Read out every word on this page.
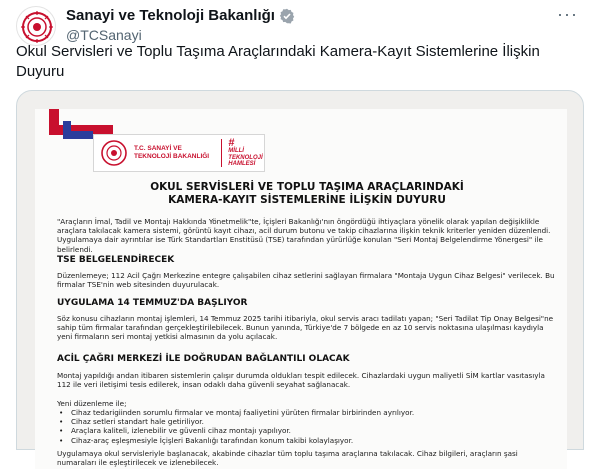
Sanayi ve Teknoloji Bakanlığı
@TCSanayi
···
Okul Servisleri ve Toplu Taşıma Araçlarındaki Kamera-Kayıt Sistemlerine İlişkin Duyuru
T.C. SANAYİ VE TEKNOLOJİ BAKANLIĞI
#
MİLLİ TEKNOLOJİ HAMLESİ
OKUL SERVİSLERİ VE TOPLU TAŞIMA ARAÇLARINDAKİ
KAMERA-KAYIT SİSTEMLERİNE İLİŞKİN DUYURU
"Araçların İmal, Tadil ve Montajı Hakkında Yönetmelik"te, İçişleri Bakanlığı'nın öngördüğü ihtiyaçlara yönelik olarak yapılan değişiklikle araçlara takılacak kamera sistemi, görüntü kayıt cihazı, acil durum butonu ve takip cihazlarına ilişkin teknik kriterler yeniden düzenlendi. Uygulamaya dair ayrıntılar ise Türk Standartları Enstitüsü (TSE) tarafından yürürlüğe konulan "Seri Montaj Belgelendirme Yönergesi" ile belirlendi.
TSE BELGELENDİRECEK
Düzenlemeye; 112 Acil Çağrı Merkezine entegre çalışabilen cihaz setlerini sağlayan firmalara "Montaja Uygun Cihaz Belgesi" verilecek. Bu firmalar TSE'nin web sitesinden duyurulacak.
UYGULAMA 14 TEMMUZ'DA BAŞLIYOR
Söz konusu cihazların montaj işlemleri, 14 Temmuz 2025 tarihi itibariyla, okul servis aracı tadilatı yapan; "Seri Tadilat Tip Onay Belgesi"ne sahip tüm firmalar tarafından gerçekleştirilebilecek. Bunun yanında, Türkiye'de 7 bölgede en az 10 servis noktasına ulaşılması kaydıyla yeni firmaların seri montaj yetkisi almasının da yolu açılacak.
ACİL ÇAĞRI MERKEZİ İLE DOĞRUDAN BAĞLANTILI OLACAK
Montaj yapıldığı andan itibaren sistemlerin çalışır durumda oldukları tespit edilecek. Cihazlardaki uygun maliyetli SİM kartlar vasıtasıyla 112 ile veri iletişimi tesis edilerek, insan odaklı daha güvenli seyahat sağlanacak.
Yeni düzenleme ile;
• Cihaz tedarigiinden sorumlu firmalar ve montaj faaliyetini yürüten firmalar birbirinden ayrılıyor.
• Cihaz setleri standart hale getiriliyor.
• Araçlara kaliteli, izlenebilir ve güvenli cihaz montajı yapılıyor.
• Cihaz-araç eşleşmesiyle İçişleri Bakanlığı tarafından konum takibi kolaylaşıyor.
Uygulamaya okul servisleriyle başlanacak, akabinde cihazlar tüm toplu taşıma araçlarına takılacak. Cihaz bilgileri, araçların şasi numaraları ile eşleştirilecek ve izlenebilecek.
